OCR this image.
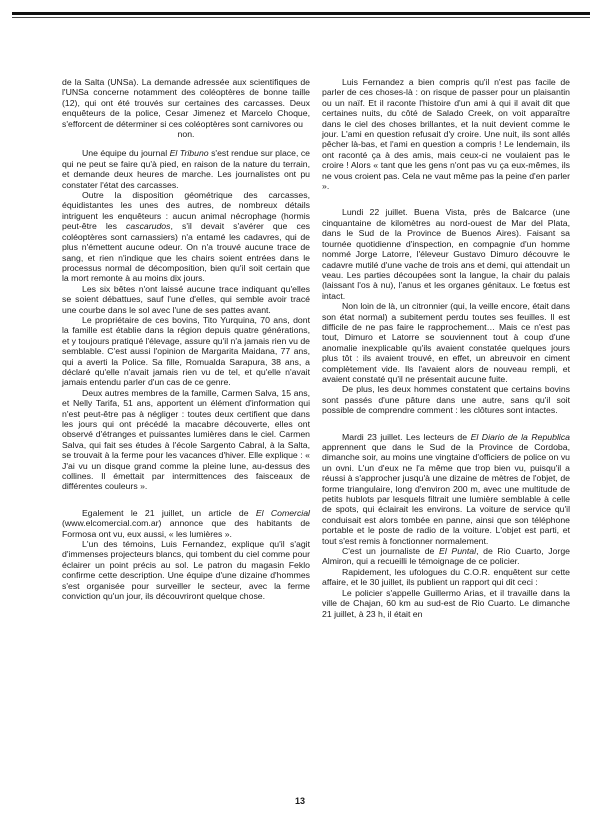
de la Salta (UNSa). La demande adressée aux scientifiques de l'UNSa concerne notamment des coléoptères de bonne taille (12), qui ont été trouvés sur certaines des carcasses. Deux enquêteurs de la police, Cesar Jimenez et Marcelo Choque, s'efforcent de déterminer si ces coléoptères sont carnivores ou

non.

Une équipe du journal El Tribuno s'est rendue sur place, ce qui ne peut se faire qu'à pied, en raison de la nature du terrain, et demande deux heures de marche. Les journalistes ont pu constater l'état des carcasses.

Outre la disposition géométrique des carcasses, équidistantes les unes des autres, de nombreux détails intriguent les enquêteurs : aucun animal nécrophage (hormis peut-être les cascarudos, s'il devait s'avérer que ces coléoptères sont carnassiers) n'a entamé les cadavres, qui de plus n'émettent aucune odeur. On n'a trouvé aucune trace de sang, et rien n'indique que les chairs soient entrées dans le processus normal de décomposition, bien qu'il soit certain que la mort remonte à au moins dix jours.

Les six bêtes n'ont laissé aucune trace indiquant qu'elles se soient débattues, sauf l'une d'elles, qui semble avoir tracé une courbe dans le sol avec l'une de ses pattes avant.

Le propriétaire de ces bovins, Tito Yurquina, 70 ans, dont la famille est établie dans la région depuis quatre générations, et y toujours pratiqué l'élevage, assure qu'il n'a jamais rien vu de semblable. C'est aussi l'opinion de Margarita Maidana, 77 ans, qui a averti la Police. Sa fille, Romualda Sarapura, 38 ans, a déclaré qu'elle n'avait jamais rien vu de tel, et qu'elle n'avait jamais entendu parler d'un cas de ce genre.

Deux autres membres de la famille, Carmen Salva, 15 ans, et Nelly Tarifa, 51 ans, apportent un élément d'information qui n'est peut-être pas à négliger : toutes deux certifient que dans les jours qui ont précédé la macabre découverte, elles ont observé d'étranges et puissantes lumières dans le ciel. Carmen Salva, qui fait ses études à l'école Sargento Cabral, à la Salta, se trouvait à la ferme pour les vacances d'hiver. Elle explique : « J'ai vu un disque grand comme la pleine lune, au-dessus des collines. Il émettait par intermittences des faisceaux de différentes couleurs ».

Egalement le 21 juillet, un article de El Comercial (www.elcomercial.com.ar) annonce que des habitants de Formosa ont vu, eux aussi, « les lumières ».

L'un des témoins, Luis Fernandez, explique qu'il s'agit d'immenses projecteurs blancs, qui tombent du ciel comme pour éclairer un point précis au sol. Le patron du magasin Feklo confirme cette description. Une équipe d'une dizaine d'hommes s'est organisée pour surveiller le secteur, avec la ferme conviction qu'un jour, ils découvriront quelque chose.

Luis Fernandez a bien compris qu'il n'est pas facile de parler de ces choses-là : on risque de passer pour un plaisantin ou un naïf. Et il raconte l'histoire d'un ami à qui il avait dit que certaines nuits, du côté de Salado Creek, on voit apparaître dans le ciel des choses brillantes, et la nuit devient comme le jour. L'ami en question refusait d'y croire. Une nuit, ils sont allés pêcher là-bas, et l'ami en question a compris ! Le lendemain, ils ont raconté ça à des amis, mais ceux-ci ne voulaient pas le croire ! Alors « tant que les gens n'ont pas vu ça eux-mêmes, ils ne vous croient pas. Cela ne vaut même pas la peine d'en parler ».

Lundi 22 juillet. Buena Vista, près de Balcarce (une cinquantaine de kilomètres au nord-ouest de Mar del Plata, dans le Sud de la Province de Buenos Aires). Faisant sa tournée quotidienne d'inspection, en compagnie d'un homme nommé Jorge Latorre, l'éleveur Gustavo Dimuro découvre le cadavre mutilé d'une vache de trois ans et demi, qui attendait un veau. Les parties découpées sont la langue, la chair du palais (laissant l'os à nu), l'anus et les organes génitaux. Le fœtus est intact.

Non loin de là, un citronnier (qui, la veille encore, était dans son état normal) a subitement perdu toutes ses feuilles. Il est difficile de ne pas faire le rapprochement… Mais ce n'est pas tout, Dimuro et Latorre se souviennent tout à coup d'une anomalie inexplicable qu'ils avaient constatée quelques jours plus tôt : ils avaient trouvé, en effet, un abreuvoir en ciment complètement vide. Ils l'avaient alors de nouveau rempli, et avaient constaté qu'il ne présentait aucune fuite.

De plus, les deux hommes constatent que certains bovins sont passés d'une pâture dans une autre, sans qu'il soit possible de comprendre comment : les clôtures sont intactes.

Mardi 23 juillet. Les lecteurs de El Diario de la Republica apprennent que dans le Sud de la Province de Cordoba, dimanche soir, au moins une vingtaine d'officiers de police on vu un ovni. L'un d'eux ne l'a même que trop bien vu, puisqu'il a réussi à s'approcher jusqu'à une dizaine de mètres de l'objet, de forme triangulaire, long d'environ 200 m, avec une multitude de petits hublots par lesquels filtrait une lumière semblable à celle de spots, qui éclairait les environs. La voiture de service qu'il conduisait est alors tombée en panne, ainsi que son téléphone portable et le poste de radio de la voiture. L'objet est parti, et tout s'est remis à fonctionner normalement.

C'est un journaliste de El Puntal, de Rio Cuarto, Jorge Almiron, qui a recueilli le témoignage de ce policier.

Rapidement, les ufologues du C.O.R. enquêtent sur cette affaire, et le 30 juillet, ils publient un rapport qui dit ceci :

Le policier s'appelle Guillermo Arias, et il travaille dans la ville de Chajan, 60 km au sud-est de Rio Cuarto. Le dimanche 21 juillet, à 23 h, il était en

13
